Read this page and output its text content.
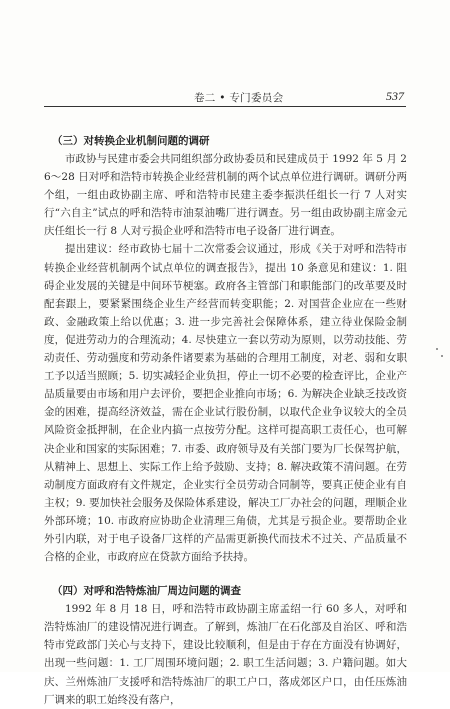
卷二 • 专门委员会	537

（三）对转换企业机制问题的调研

市政协与民建市委会共同组织部分政协委员和民建成员于 1992 年 5 月 26～28 日对呼和浩特市转换企业经营机制的两个试点单位进行调研。调研分两个组，一组由政协副主席、呼和浩特市民建主委李振洪任组长一行 7 人对实行“六自主”试点的呼和浩特市油泵油嘴厂进行调查。另一组由政协副主席金元庆任组长一行 8 人对亏损企业呼和浩特市电子设备厂进行调查。

提出建议：经市政协七届十二次常委会议通过，形成《关于对呼和浩特市转换企业经营机制两个试点单位的调查报告》，提出 10 条意见和建议：1. 阻碍企业发展的关键是中间环节梗塞。政府各主管部门和职能部门的改革要及时配套跟上，要紧紧围绕企业生产经营而转变职能；2. 对国营企业应在一些财政、金融政策上给以优惠；3. 进一步完善社会保障体系，建立待业保险金制度，促进劳动力的合理流动；4. 尽快建立一套以劳动为原则，以劳动技能、劳动责任、劳动强度和劳动条件诸要素为基础的合理用工制度，对老、弱和女职工予以适当照顾；5. 切实减轻企业负担，停止一切不必要的检查评比，企业产品质量要由市场和用户去评价，要把企业推向市场；6. 为解决企业缺乏技改资金的困难，提高经济效益，需在企业试行股份制，以取代企业争议较大的全员风险资金抵押制，在企业内搞一点按劳分配。这样可提高职工责任心，也可解决企业和国家的实际困难；7. 市委、政府领导及有关部门要为厂长保驾护航，从精神上、思想上、实际工作上给予鼓励、支持；8. 解决政策不清问题。在劳动制度方面政府有文件规定，企业实行全员劳动合同制等，要真正使企业有自主权；9. 要加快社会服务及保险体系建设，解决工厂办社会的问题，理顺企业外部环境；10. 市政府应协助企业清理三角债，尤其是亏损企业。要帮助企业外引内联，对于电子设备厂这样的产品需更新换代而技术不过关、产品质量不合格的企业，市政府应在贷款方面给予扶持。

（四）对呼和浩特炼油厂周边问题的调查

1992 年 8 月 18 日，呼和浩特市政协副主席孟绍一行 60 多人，对呼和浩特炼油厂的建设情况进行调查。了解到，炼油厂在石化部及自治区、呼和浩特市党政部门关心与支持下，建设比较顺利，但是由于存在方面没有协调好，出现一些问题：1. 工厂周围环境问题；2. 职工生活问题；3. 户籍问题。如大庆、兰州炼油厂支援呼和浩特炼油厂的职工户口，落成郊区户口，由任压炼油厂调来的职工始终没有落户，
